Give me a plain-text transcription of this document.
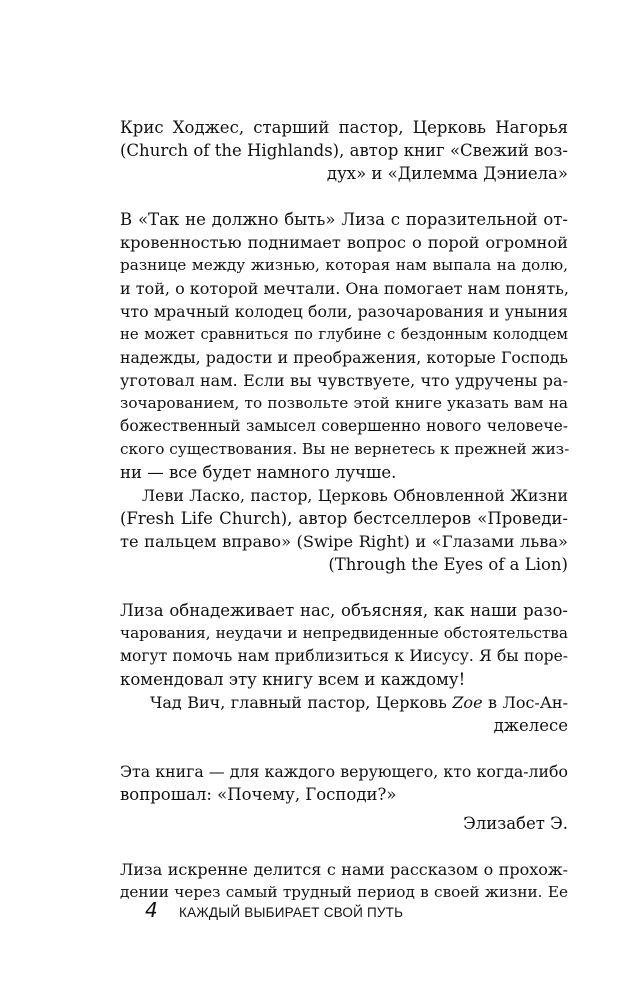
Крис Ходжес, старший пастор, Церковь Нагорья
(Church of the Highlands), автор книг «Свежий воз-
дух» и «Дилемма Дэниела»
В «Так не должно быть» Лиза с поразительной от-
кровенностью поднимает вопрос о порой огромной
разнице между жизнью, которая нам выпала на долю,
и той, о которой мечтали. Она помогает нам понять,
что мрачный колодец боли, разочарования и уныния
не может сравниться по глубине с бездонным колодцем
надежды, радости и преображения, которые Господь
уготовал нам. Если вы чувствуете, что удручены ра-
зочарованием, то позвольте этой книге указать вам на
божественный замысел совершенно нового человече-
ского существования. Вы не вернетесь к прежней жиз-
ни — все будет намного лучше.
Леви Ласко, пастор, Церковь Обновленной Жизни
(Fresh Life Church), автор бестселлеров «Проведи-
те пальцем вправо» (Swipe Right) и «Глазами льва»
(Through the Eyes of a Lion)
Лиза обнадеживает нас, объясняя, как наши разо-
чарования, неудачи и непредвиденные обстоятельства
могут помочь нам приблизиться к Иисусу. Я бы поре-
комендовал эту книгу всем и каждому!
Чад Вич, главный пастор, Церковь Zoe в Лос-Ан-
джелесе
Эта книга — для каждого верующего, кто когда-либо
вопрошал: «Почему, Господи?»
Элизабет Э.
Лиза искренне делится с нами рассказом о прохож-
дении через самый трудный период в своей жизни. Ее
4	КАЖДЫЙ ВЫБИРАЕТ СВОЙ ПУТЬ
